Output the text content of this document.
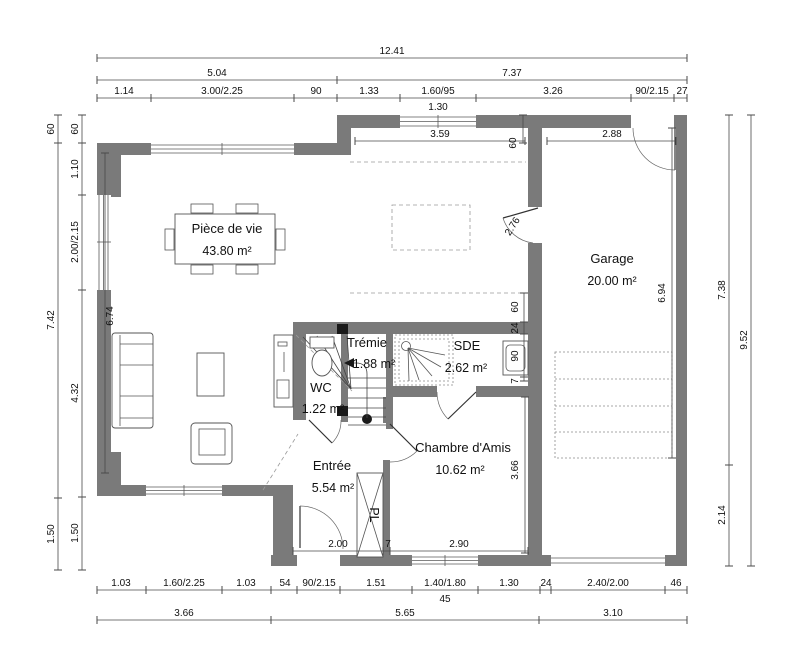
12.41
5.04	7.37
1.14	3.00/2.25	90	1.33	1.60/95	3.26	90/2.15 27
1.30
1.03	1.60/2.25	1.03 54 90/2.15	1.51	1.40/1.80	1.30 24	2.40/2.00	46
45
3.66	5.65	3.10
60
7.42
1.50
60
1.10
2.00/2.15
4.32
1.50
7.38
2.14
9.52
3.59	2.88
60
2.76
6.74	60
24
90
7
6.94
3.66
2.00	7	2.90
Pièce de vie
43.80 m²	Garage
20.00 m²
Trémie
1.88 m²
WC
1.22 m²
SDE
2.62 m²
Chambre d'Amis
10.62 m²
Entrée
5.54 m²
PL
